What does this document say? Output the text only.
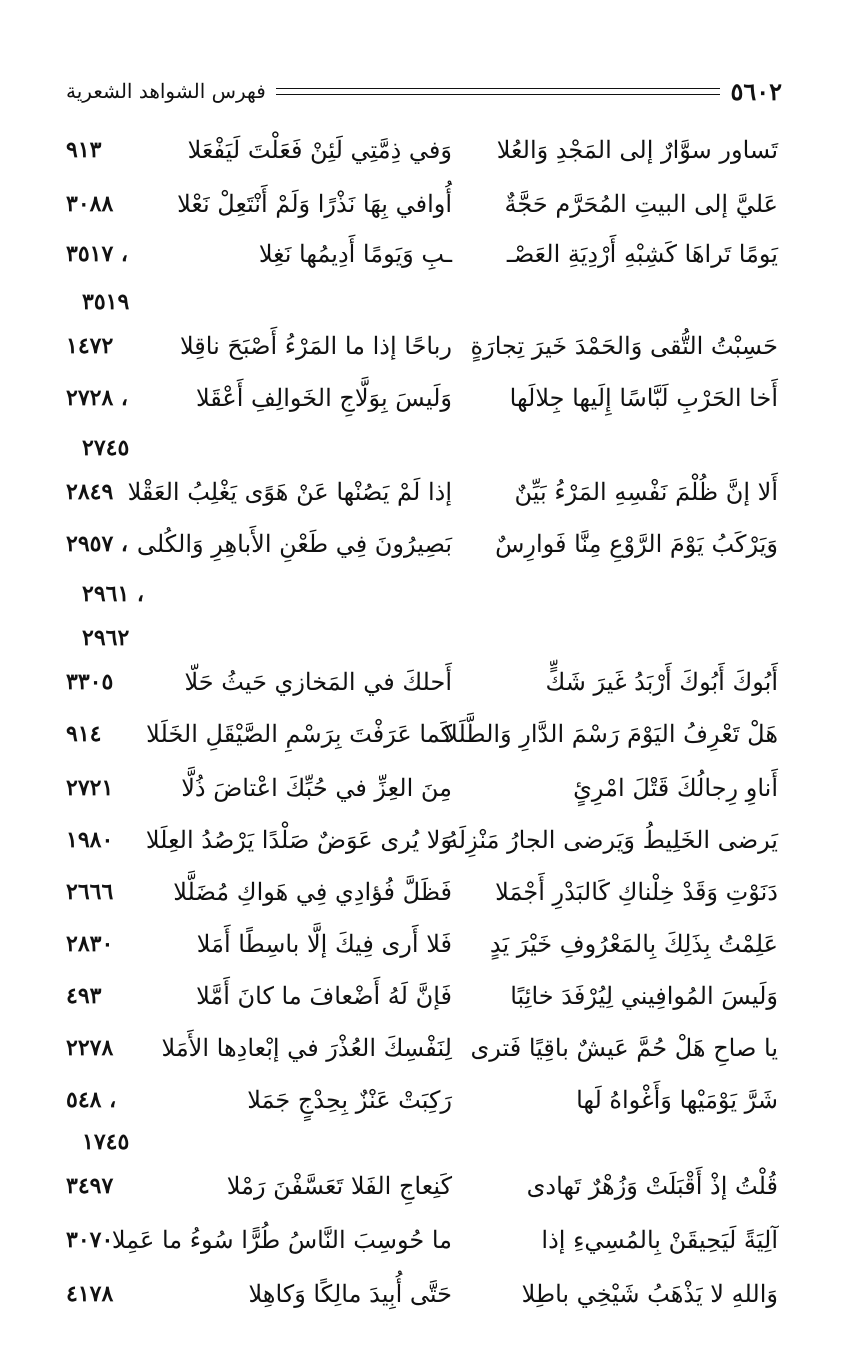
٥٦٠٢
فهرس الشواهد الشعرية
تَساور سوَّارٌ إلى المَجْدِ وَالعُلا
وَفي ذِمَّتِي لَئِنْ فَعَلْتَ لَيَفْعَلا
٩١٣
عَليَّ إلى البيتِ المُحَرَّم حَجَّةٌ
أُوافي بِهَا نَذْرًا وَلَمْ أَنْتَعِلْ نَعْلا
٣٠٨٨
يَومًا تَراهَا كَشِبْهِ أَرْدِيَةِ العَصْـ
ـبِ وَيَومًا أَدِيمُها نَغِلا
٣٥١٧ ،
٣٥١٩
حَسِبْتُ التُّقى وَالحَمْدَ خَيرَ تِجارَةٍ
رباحًا إذا ما المَرْءُ أَصْبَحَ ناقِلا
١٤٧٢
أَخا الحَرْبِ لَبَّاسًا إِلَيها جِلالَها
وَلَيسَ بِوَلَّاجِ الخَوالِفِ أَعْقَلا
٢٧٢٨ ،
٢٧٤٥
أَلا إنَّ ظُلْمَ نَفْسِهِ المَرْءُ بَيِّنٌ
إذا لَمْ يَصُنْها عَنْ هَوًى يَغْلِبُ العَقْلا
٢٨٤٩
وَيَرْكَبُ يَوْمَ الرَّوْعِ مِنَّا فَوارِسٌ
بَصِيرُونَ فِي طَعْنِ الأَباهِرِ وَالكُلى
٢٩٥٧ ،
٢٩٦١ ،
٢٩٦٢
أَبُوكَ أَبُوكَ أَرْبَدُ غَيرَ شَكٍّ
أَحلكَ في المَخازي حَيثُ حَلّا
٣٣٠٥
هَلْ تَعْرِفُ اليَوْمَ رَسْمَ الدَّارِ وَالطَّلَلا
كَما عَرَفْتَ بِرَسْمِ الصَّيْقَلِ الخَلَلا
٩١٤
أَناوِ رِجالُكَ قَتْلَ امْرِئٍ
مِنَ العِزِّ في حُبِّكَ اعْتاضَ ذُلَّا
٢٧٢١
يَرضى الخَلِيطُ وَيَرضى الجارُ مَنْزِلَهُ
وَلا يُرى عَوَضٌ صَلْدًا يَرْصُدُ العِلَلا
١٩٨٠
دَنَوْتِ وَقَدْ خِلْناكِ كَالبَدْرِ أَجْمَلا
فَظَلَّ فُؤادِي فِي هَواكِ مُضَلَّلا
٢٦٦٦
عَلِمْتُ بِذَلِكَ بِالمَعْرُوفِ خَيْرَ يَدٍ
فَلا أَرى فِيكَ إلَّا باسِطًا أَمَلا
٢٨٣٠
وَلَيسَ المُوافِيني لِيُرْفَدَ خائِبًا
فَإنَّ لَهُ أَضْعافَ ما كانَ أَمَّلا
٤٩٣
يا صاحِ هَلْ حُمَّ عَيشٌ باقِيًا فَترى
لِنَفْسِكَ العُذْرَ في إبْعادِها الأَمَلا
٢٢٧٨
شَرَّ يَوْمَيْها وَأَغْواهُ لَها
رَكِبَتْ عَنْزٌ بِحِدْجٍ جَمَلا
٥٤٨ ،
١٧٤٥
قُلْتُ إذْ أَقْبَلَتْ وَزُهْرٌ تَهادى
كَنِعاجِ الفَلا تَعَسَّفْنَ رَمْلا
٣٤٩٧
آلِيَةً لَيَحِيقَنْ بِالمُسِيءِ إذا
ما حُوسِبَ النَّاسُ طُرًّا سُوءُ ما عَمِلا
٣٠٧٠
وَاللهِ لا يَذْهَبُ شَيْخِي باطِلا
حَتَّى أُبِيدَ مالِكًا وَكاهِلا
٤١٧٨
